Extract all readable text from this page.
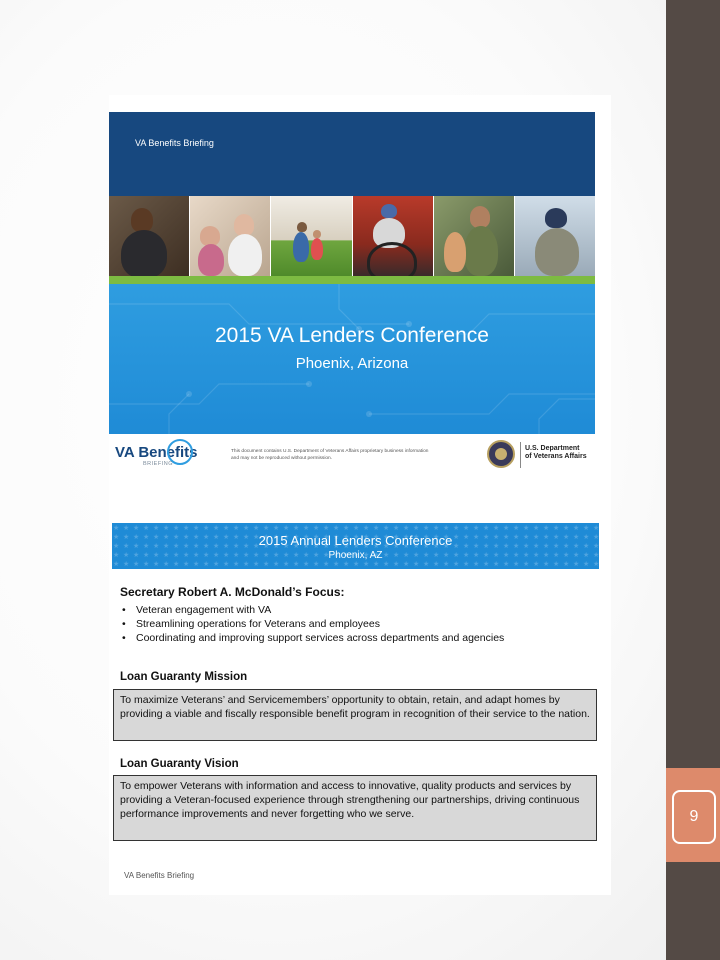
9
VA Benefits Briefing
2015 VA Lenders Conference
Phoenix, Arizona
VA Benefits
BRIEFING
This document contains U.S. Department of Veterans Affairs proprietary business information and may not be reproduced without permission.
U.S. Department
of Veterans Affairs
2015 Annual Lenders Conference
Phoenix, AZ
Secretary Robert A. McDonald’s Focus:
• Veteran engagement with VA
• Streamlining operations for Veterans and employees
• Coordinating and improving support services across departments and agencies
Loan Guaranty Mission
To maximize Veterans’ and Servicemembers’ opportunity to obtain, retain, and adapt homes by providing a viable and fiscally responsible benefit program in recognition of their service to the nation.
Loan Guaranty Vision
To empower Veterans with information and access to innovative, quality products and services by providing a Veteran-focused experience through strengthening our partnerships, driving continuous performance improvements and never forgetting who we serve.
VA Benefits Briefing
